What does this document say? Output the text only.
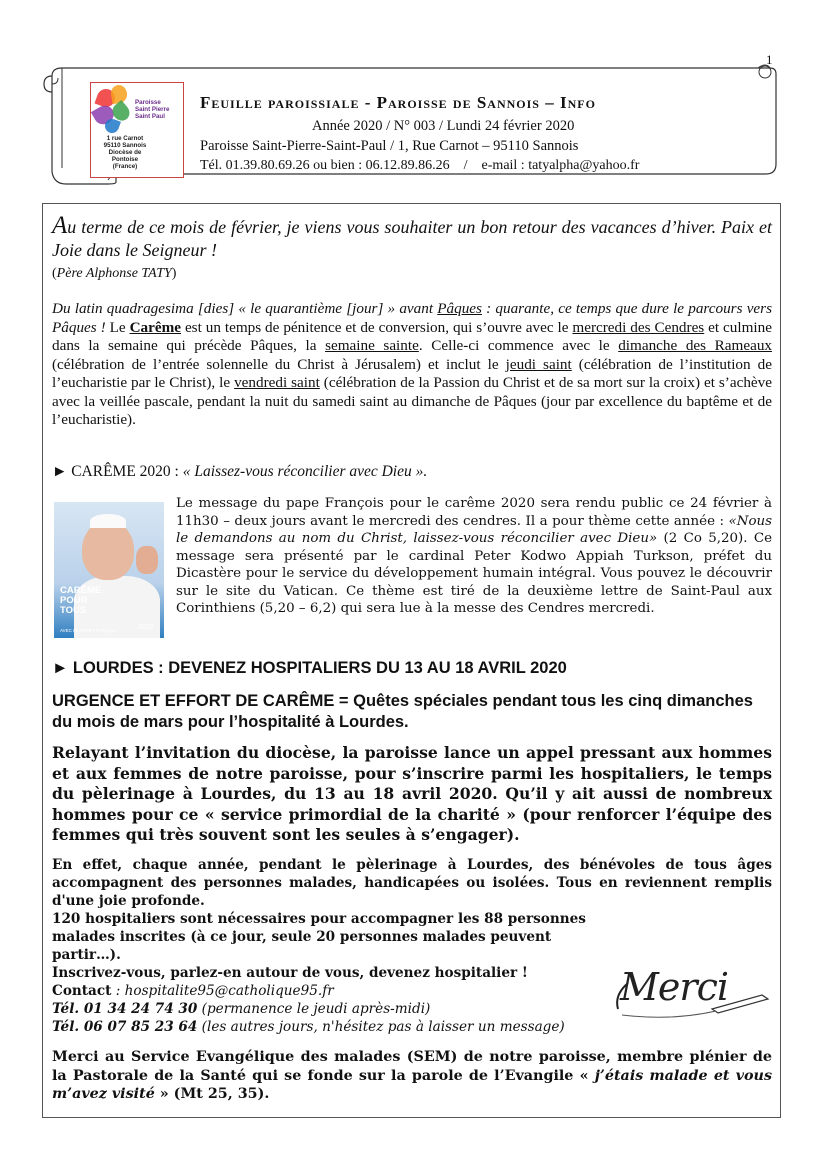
1
Paroisse
Saint Pierre
Saint Paul
1 rue Carnot
95110 Sannois
Diocèse de
Pontoise (France)
Feuille paroissiale - Paroisse de Sannois – Info
Année 2020 / N° 003 / Lundi 24 février 2020
Paroisse Saint-Pierre-Saint-Paul / 1, Rue Carnot – 95110 Sannois
Tél. 01.39.80.69.26 ou bien : 06.12.89.86.26 / e-mail : tatyalpha@yahoo.fr
Au terme de ce mois de février, je viens vous souhaiter un bon retour des vacances d’hiver. Paix et Joie dans le Seigneur !
(Père Alphonse TATY)
Du latin quadragesima [dies] « le quarantième [jour] » avant Pâques : quarante, ce temps que dure le parcours vers Pâques ! Le Carême est un temps de pénitence et de conversion, qui s’ouvre avec le mercredi des Cendres et culmine dans la semaine qui précède Pâques, la semaine sainte. Celle-ci commence avec le dimanche des Rameaux (célébration de l’entrée solennelle du Christ à Jérusalem) et inclut le jeudi saint (célébration de l’institution de l’eucharistie par le Christ), le vendredi saint (célébration de la Passion du Christ et de sa mort sur la croix) et s’achève avec la veillée pascale, pendant la nuit du samedi saint au dimanche de Pâques (jour par excellence du baptême et de l’eucharistie).
► CARÊME 2020 : « Laissez-vous réconcilier avec Dieu ».
CARÊME
POUR
TOUS
AVEC LE PAPE FRANÇOIS	2020
Le message du pape François pour le carême 2020 sera rendu public ce 24 février à 11h30 – deux jours avant le mercredi des cendres. Il a pour thème cette année : «Nous le demandons au nom du Christ, laissez-vous réconcilier avec Dieu» (2 Co 5,20). Ce message sera présenté par le cardinal Peter Kodwo Appiah Turkson, préfet du Dicastère pour le service du développement humain intégral. Vous pouvez le découvrir sur le site du Vatican. Ce thème est tiré de la deuxième lettre de Saint-Paul aux Corinthiens (5,20 – 6,2) qui sera lue à la messe des Cendres mercredi.
► LOURDES : DEVENEZ HOSPITALIERS DU 13 AU 18 AVRIL 2020
URGENCE ET EFFORT DE CARÊME = Quêtes spéciales pendant tous les cinq dimanches du mois de mars pour l’hospitalité à Lourdes.
Relayant l’invitation du diocèse, la paroisse lance un appel pressant aux hommes et aux femmes de notre paroisse, pour s’inscrire parmi les hospitaliers, le temps du pèlerinage à Lourdes, du 13 au 18 avril 2020. Qu’il y ait aussi de nombreux hommes pour ce « service primordial de la charité » (pour renforcer l’équipe des femmes qui très souvent sont les seules à s’engager).
En effet, chaque année, pendant le pèlerinage à Lourdes, des bénévoles de tous âges accompagnent des personnes malades, handicapées ou isolées. Tous en reviennent remplis d'une joie profonde.
120 hospitaliers sont nécessaires pour accompagner les 88 personnes malades inscrites (à ce jour, seule 20 personnes malades peuvent partir…).
Inscrivez-vous, parlez-en autour de vous, devenez hospitalier !
Contact : hospitalite95@catholique95.fr
Tél. 01 34 24 74 30 (permanence le jeudi après-midi)
Tél. 06 07 85 23 64 (les autres jours, n'hésitez pas à laisser un message)
Merci
Merci au Service Evangélique des malades (SEM) de notre paroisse, membre plénier de la Pastorale de la Santé qui se fonde sur la parole de l’Evangile « j’étais malade et vous m’avez visité » (Mt 25, 35).
